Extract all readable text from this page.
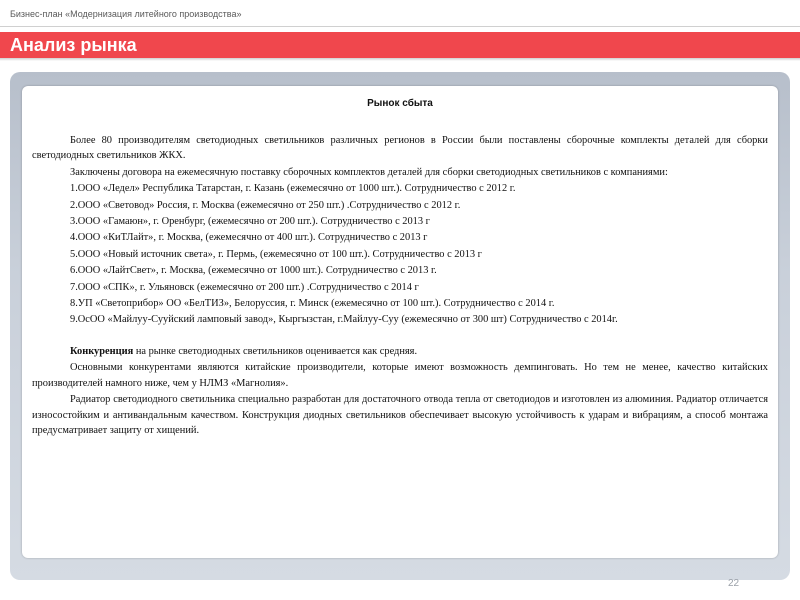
Бизнес-план «Модернизация литейного производства»
Анализ рынка
Рынок сбыта

Более 80 производителям светодиодных светильников различных регионов в России были поставлены сборочные комплекты деталей для сборки светодиодных светильников ЖКХ.

Заключены договора на ежемесячную поставку сборочных комплектов деталей для сборки светодиодных светильников с компаниями:

1.ООО «Ледел» Республика Татарстан, г. Казань (ежемесячно от 1000 шт.). Сотрудничество с 2012 г.

2.ООО «Световод» Россия, г. Москва (ежемесячно от 250 шт.) .Сотрудничество с 2012 г.

3.ООО «Гамаюн», г. Оренбург, (ежемесячно от 200 шт.). Сотрудничество с 2013 г

4.ООО «КиТЛайт», г. Москва, (ежемесячно от 400 шт.). Сотрудничество с 2013 г

5.ООО «Новый источник света», г. Пермь, (ежемесячно от 100 шт.). Сотрудничество с 2013 г

6.ООО «ЛайтСвет», г. Москва, (ежемесячно от 1000 шт.). Сотрудничество с 2013 г.

7.ООО «СПК», г. Ульяновск (ежемесячно от 200 шт.) .Сотрудничество с 2014 г

8.УП «Светоприбор» ОО «БелТИЗ», Белоруссия, г. Минск (ежемесячно от 100 шт.). Сотрудничество с 2014 г.

9.ОсОО «Майлуу-Сууйский ламповый завод», Кыргызстан, г.Майлуу-Суу (ежемесячно от 300 шт) Сотрудничество с 2014г.

Конкуренция на рынке светодиодных светильников оценивается как средняя.

Основными конкурентами являются китайские производители, которые имеют возможность демпинговать. Но тем не менее, качество китайских производителей намного ниже, чем у НЛМЗ «Магнолия».

Радиатор светодиодного светильника специально разработан для достаточного отвода тепла от светодиодов и изготовлен из алюминия. Радиатор отличается износостойким и антивандальным качеством. Конструкция диодных светильников обеспечивает высокую устойчивость к ударам и вибрациям, а способ монтажа предусматривает защиту от хищений.

22
